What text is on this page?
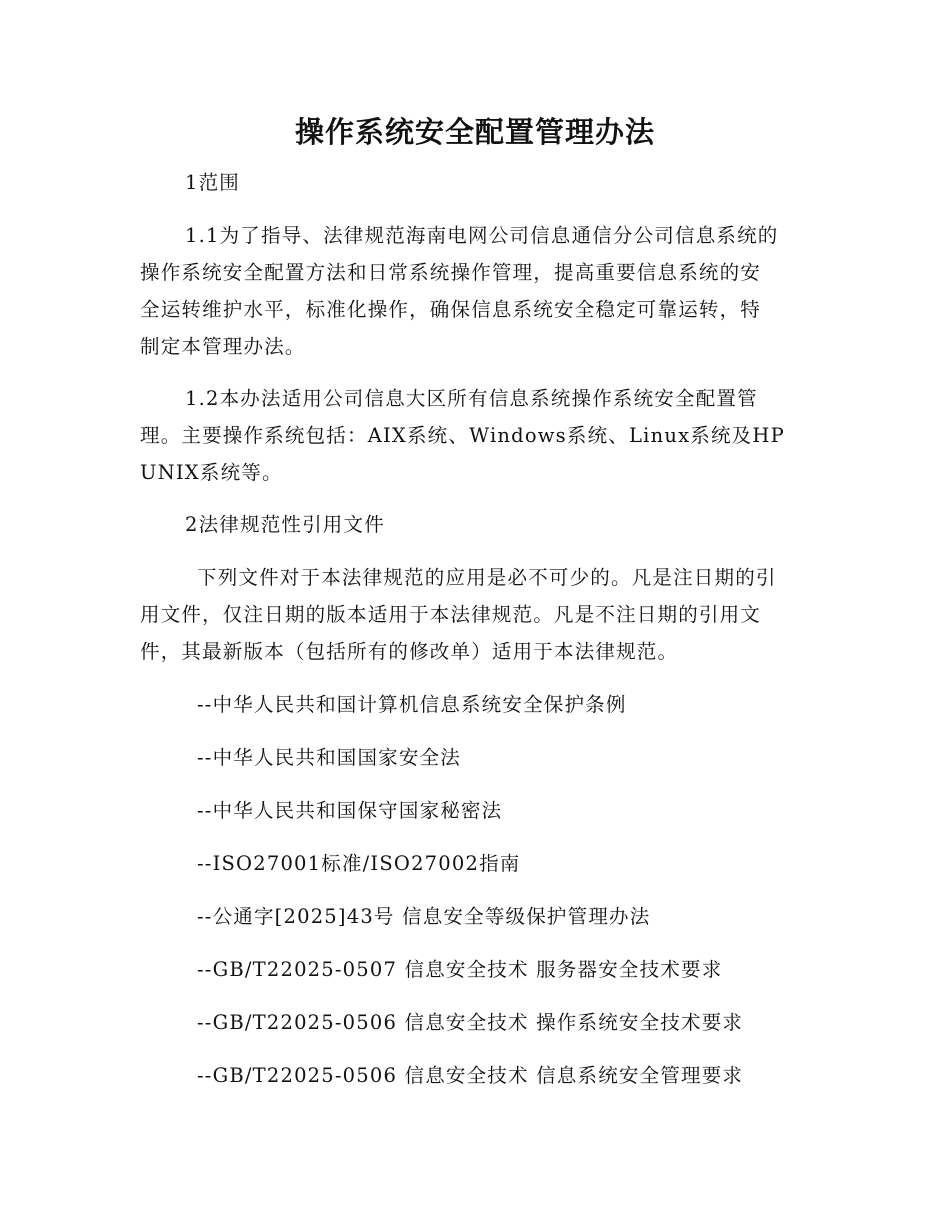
操作系统安全配置管理办法
1范围
1.1为了指导、法律规范海南电网公司信息通信分公司信息系统的
操作系统安全配置方法和日常系统操作管理，提高重要信息系统的安
全运转维护水平，标准化操作，确保信息系统安全稳定可靠运转，特
制定本管理办法。
1.2本办法适用公司信息大区所有信息系统操作系统安全配置管
理。主要操作系统包括：AIX系统、Windows系统、Linux系统及HP
UNIX系统等。
2法律规范性引用文件
下列文件对于本法律规范的应用是必不可少的。凡是注日期的引
用文件，仅注日期的版本适用于本法律规范。凡是不注日期的引用文
件，其最新版本（包括所有的修改单）适用于本法律规范。
--中华人民共和国计算机信息系统安全保护条例
--中华人民共和国国家安全法
--中华人民共和国保守国家秘密法
--ISO27001标准/ISO27002指南
--公通字[2025]43号 信息安全等级保护管理办法
--GB/T22025-0507 信息安全技术 服务器安全技术要求
--GB/T22025-0506 信息安全技术 操作系统安全技术要求
--GB/T22025-0506 信息安全技术 信息系统安全管理要求
